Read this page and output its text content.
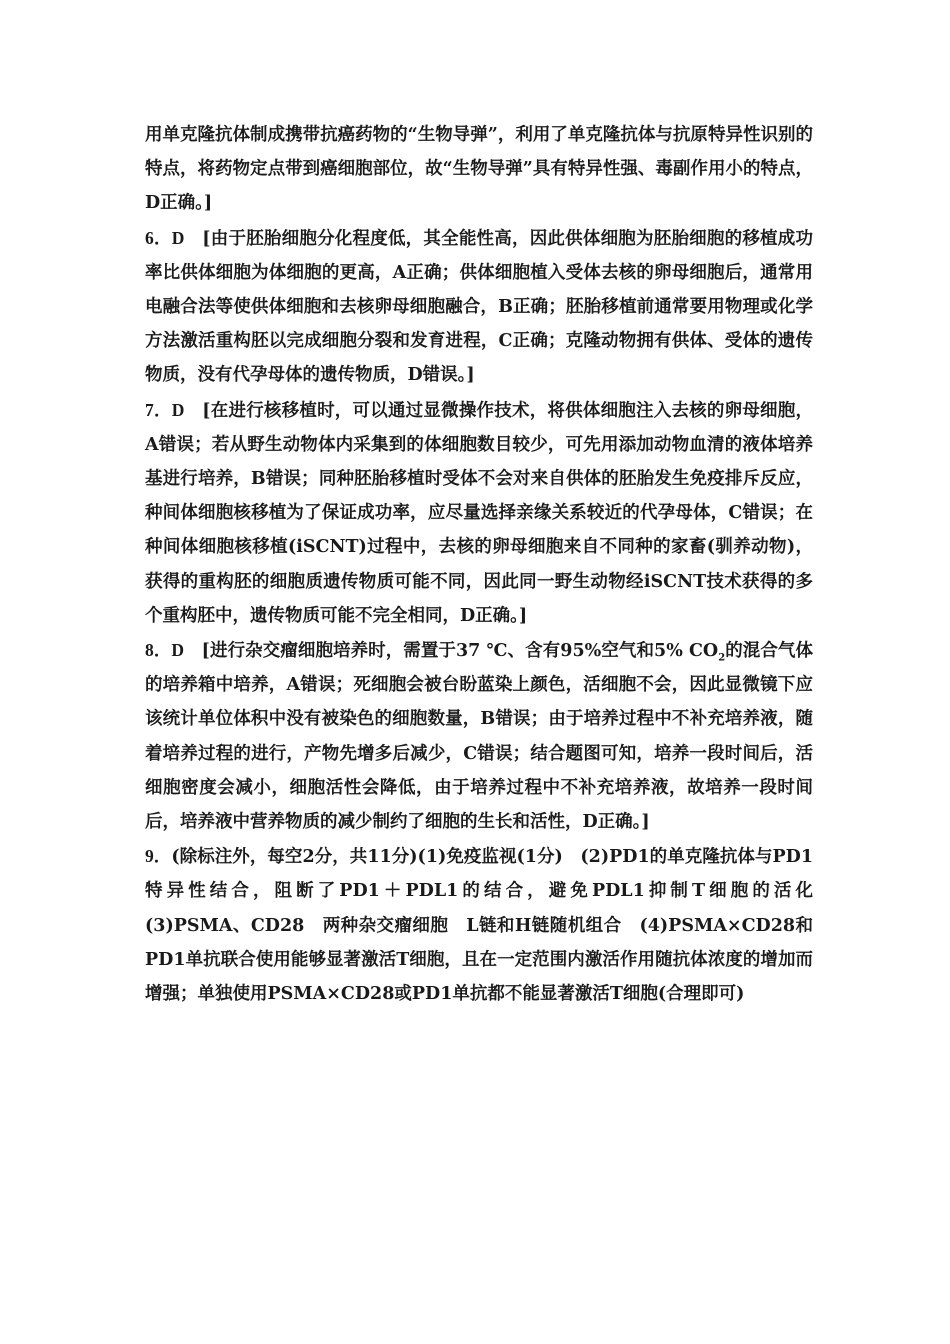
用单克隆抗体制成携带抗癌药物的“生物导弹”，利用了单克隆抗体与抗原特异性识别的特点，将药物定点带到癌细胞部位，故“生物导弹”具有特异性强、毒副作用小的特点，D正确。]

6．D　[由于胚胎细胞分化程度低，其全能性高，因此供体细胞为胚胎细胞的移植成功率比供体细胞为体细胞的更高，A正确；供体细胞植入受体去核的卵母细胞后，通常用电融合法等使供体细胞和去核卵母细胞融合，B正确；胚胎移植前通常要用物理或化学方法激活重构胚以完成细胞分裂和发育进程，C正确；克隆动物拥有供体、受体的遗传物质，没有代孕母体的遗传物质，D错误。]

7．D　[在进行核移植时，可以通过显微操作技术，将供体细胞注入去核的卵母细胞，A错误；若从野生动物体内采集到的体细胞数目较少，可先用添加动物血清的液体培养基进行培养，B错误；同种胚胎移植时受体不会对来自供体的胚胎发生免疫排斥反应，种间体细胞核移植为了保证成功率，应尽量选择亲缘关系较近的代孕母体，C错误；在种间体细胞核移植(iSCNT)过程中，去核的卵母细胞来自不同种的家畜(驯养动物)，获得的重构胚的细胞质遗传物质可能不同，因此同一野生动物经iSCNT技术获得的多个重构胚中，遗传物质可能不完全相同，D正确。]

8．D　[进行杂交瘤细胞培养时，需置于37 ℃、含有95%空气和5% $CO_2$的混合气体的培养箱中培养，A错误；死细胞会被台盼蓝染上颜色，活细胞不会，因此显微镜下应该统计单位体积中没有被染色的细胞数量，B错误；由于培养过程中不补充培养液，随着培养过程的进行，产物先增多后减少，C错误；结合题图可知，培养一段时间后，活细胞密度会减小，细胞活性会降低，由于培养过程中不补充培养液，故培养一段时间后，培养液中营养物质的减少制约了细胞的生长和活性，D正确。]

9．(除标注外，每空2分，共11分)(1)免疫监视(1分)　(2)PD1的单克隆抗体与PD1特异性结合，阻断了PD1＋PDL1的结合，避免PDL1抑制T细胞的活化　(3)PSMA、CD28　两种杂交瘤细胞　L链和H链随机组合　(4)PSMA×CD28和PD1单抗联合使用能够显著激活T细胞，且在一定范围内激活作用随抗体浓度的增加而增强；单独使用PSMA×CD28或PD1单抗都不能显著激活T细胞(合理即可)
